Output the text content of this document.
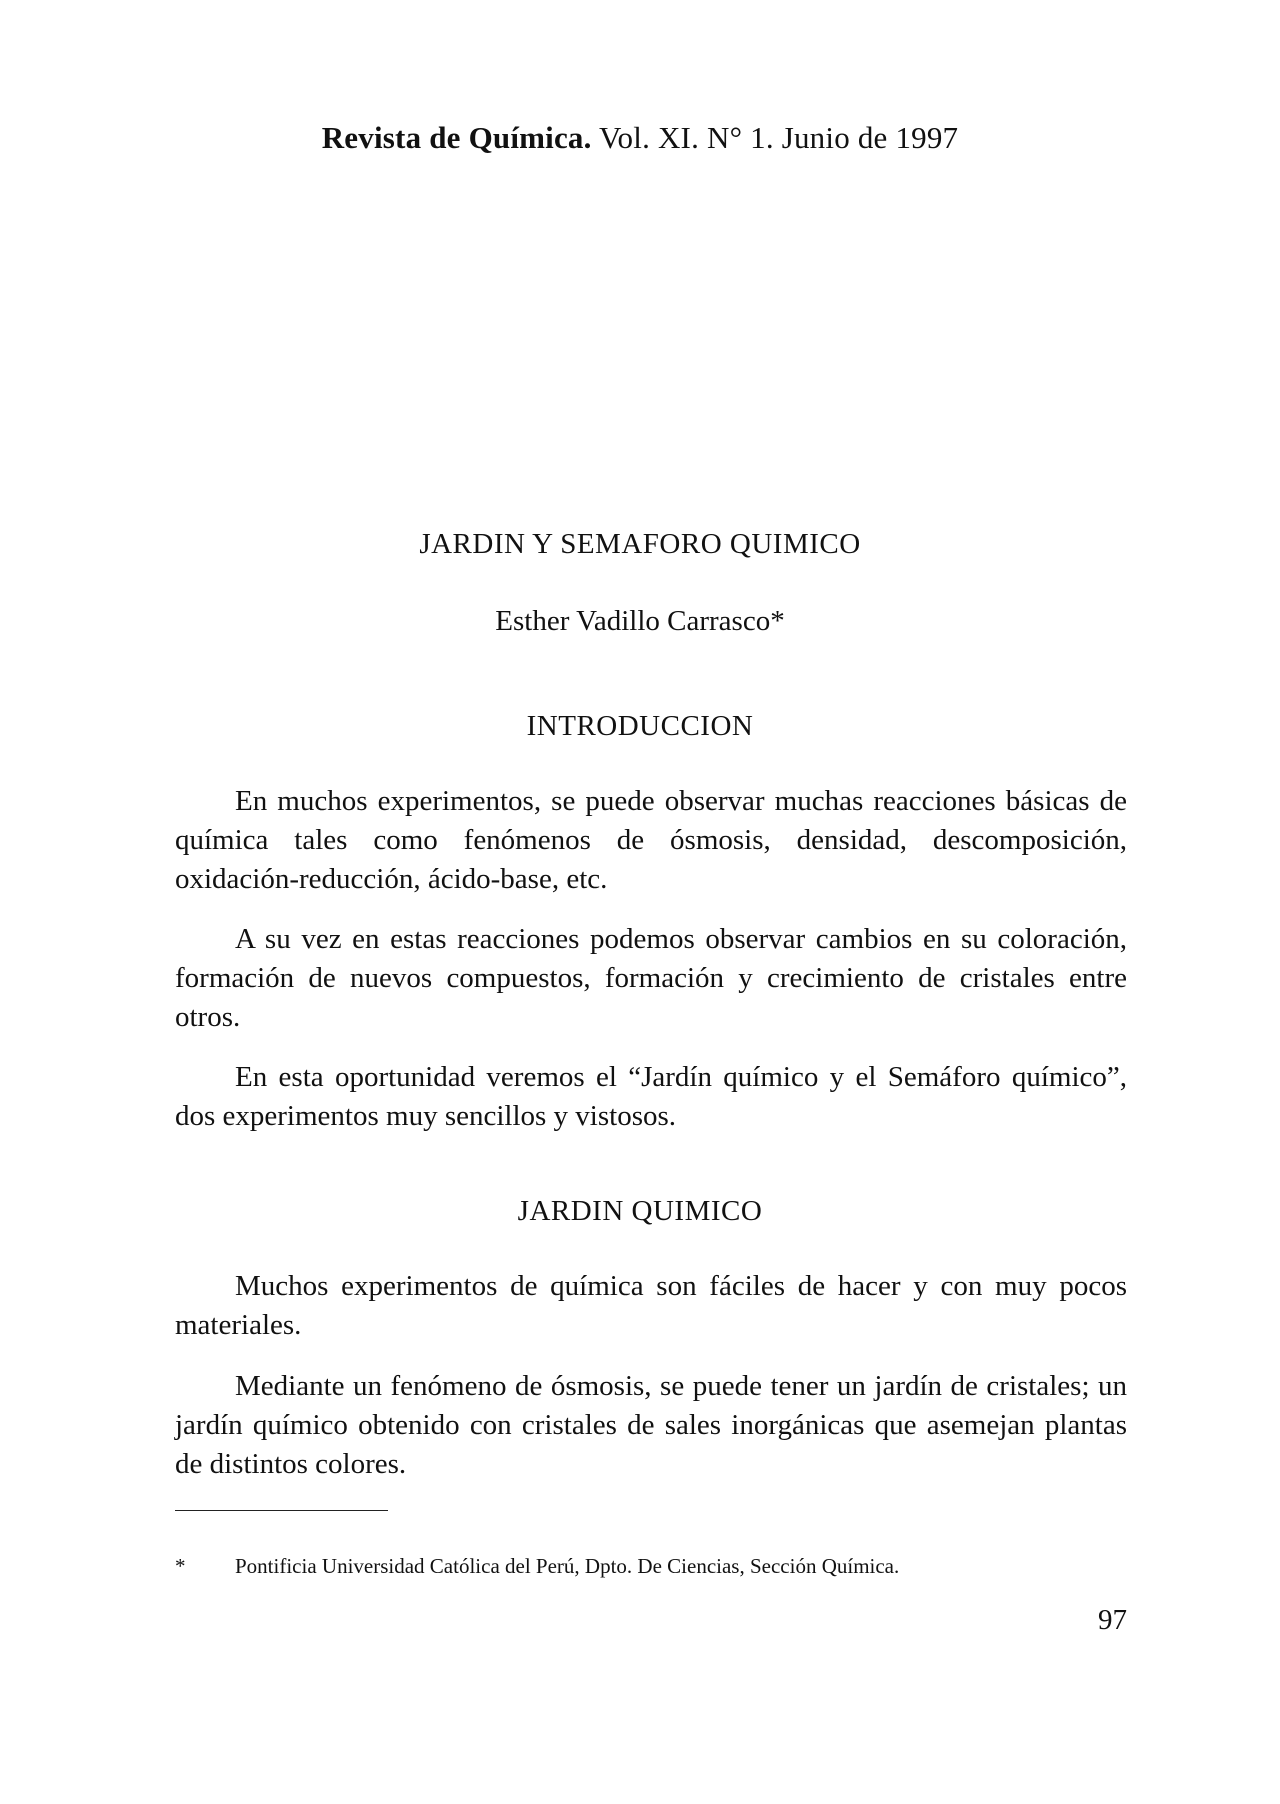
Revista de Química. Vol. XI. N° 1. Junio de 1997
JARDIN Y SEMAFORO QUIMICO
Esther Vadillo Carrasco*
INTRODUCCION

En muchos experimentos, se puede observar muchas reacciones básicas de química tales como fenómenos de ósmosis, densidad, descomposición, oxidación-reducción, ácido-base, etc.

A su vez en estas reacciones podemos observar cambios en su coloración, formación de nuevos compuestos, formación y crecimiento de cristales entre otros.

En esta oportunidad veremos el “Jardín químico y el Semáforo químico”, dos experimentos muy sencillos y vistosos.

JARDIN QUIMICO

Muchos experimentos de química son fáciles de hacer y con muy pocos materiales.

Mediante un fenómeno de ósmosis, se puede tener un jardín de cristales; un jardín químico obtenido con cristales de sales inorgánicas que asemejan plantas de distintos colores.

* Pontificia Universidad Católica del Perú, Dpto. De Ciencias, Sección Química.
97
